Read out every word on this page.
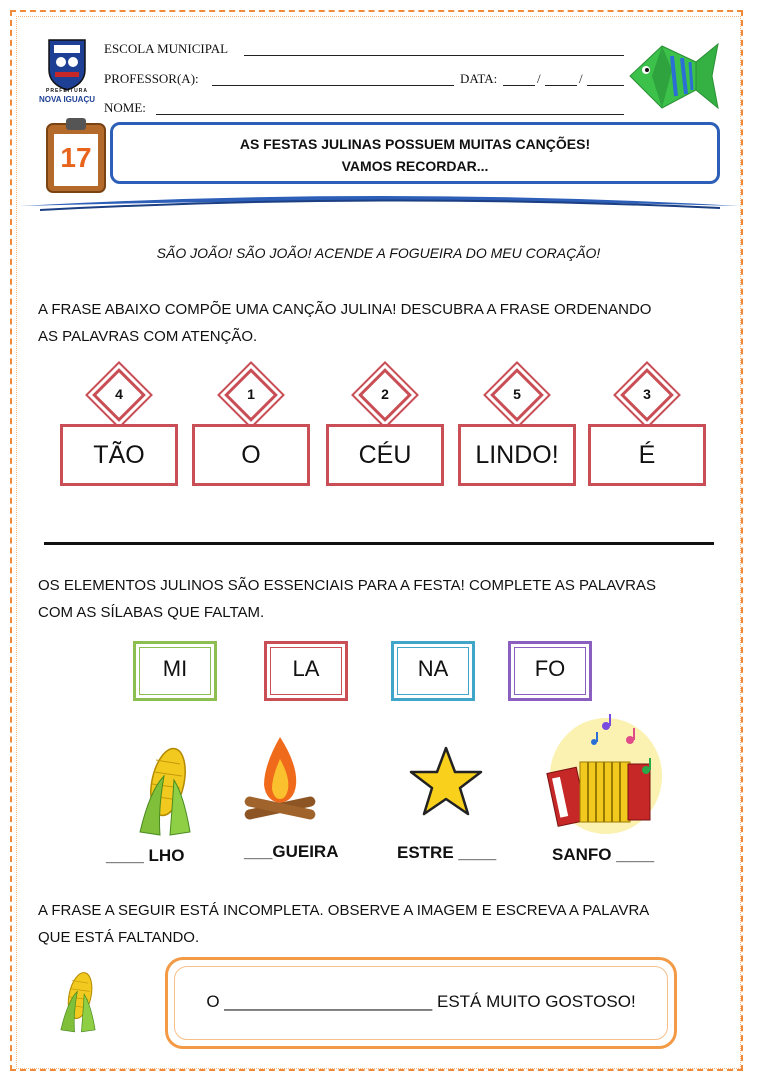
PREFEITURA
NOVA IGUAÇU
ESCOLA MUNICIPAL
PROFESSOR(A):	DATA:	/	/
NOME:
17	AS FESTAS JULINAS POSSUEM MUITAS CANÇÕES!
VAMOS RECORDAR...
SÃO JOÃO! SÃO JOÃO! ACENDE A FOGUEIRA DO MEU CORAÇÃO!
A FRASE ABAIXO COMPÕE UMA CANÇÃO JULINA! DESCUBRA A FRASE ORDENANDO
AS PALAVRAS COM ATENÇÃO.
4
TÃO
1
O
2
CÉU
5
LINDO!
3
É
OS ELEMENTOS JULINOS SÃO ESSENCIAIS PARA A FESTA! COMPLETE AS PALAVRAS
COM AS SÍLABAS QUE FALTAM.
MI	LA	NA	FO
____ LHO	___GUEIRA	ESTRE ____	SANFO ____
A FRASE A SEGUIR ESTÁ INCOMPLETA. OBSERVE A IMAGEM E ESCREVA A PALAVRA
QUE ESTÁ FALTANDO.
O ______________________ ESTÁ MUITO GOSTOSO!
